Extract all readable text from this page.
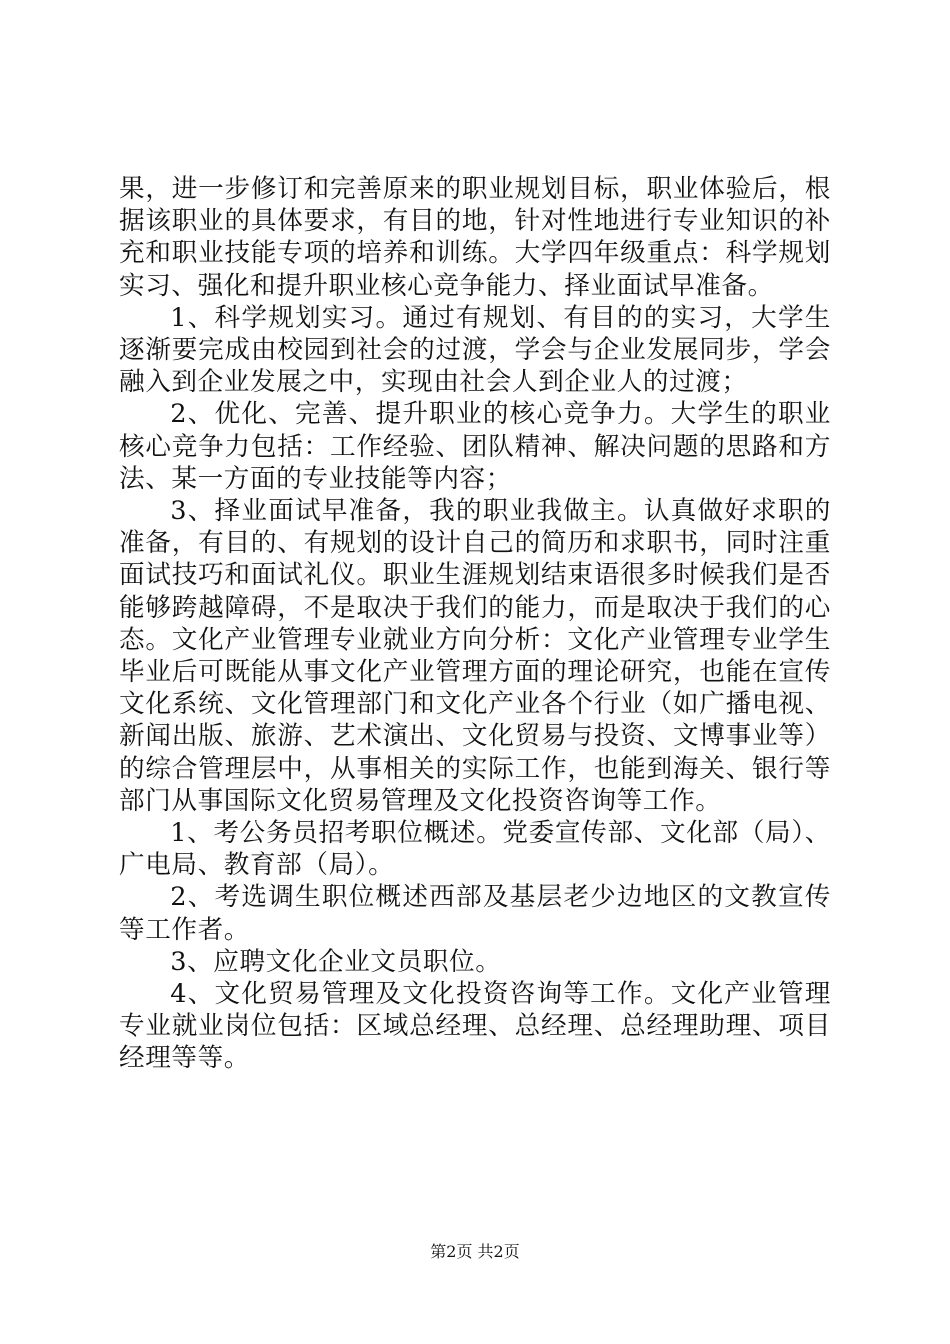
果，进一步修订和完善原来的职业规划目标，职业体验后，根据该职业的具体要求，有目的地，针对性地进行专业知识的补充和职业技能专项的培养和训练。大学四年级重点：科学规划实习、强化和提升职业核心竞争能力、择业面试早准备。

1、科学规划实习。通过有规划、有目的的实习，大学生逐渐要完成由校园到社会的过渡，学会与企业发展同步，学会融入到企业发展之中，实现由社会人到企业人的过渡；

2、优化、完善、提升职业的核心竞争力。大学生的职业核心竞争力包括：工作经验、团队精神、解决问题的思路和方法、某一方面的专业技能等内容；

3、择业面试早准备，我的职业我做主。认真做好求职的准备，有目的、有规划的设计自己的简历和求职书，同时注重面试技巧和面试礼仪。职业生涯规划结束语很多时候我们是否能够跨越障碍，不是取决于我们的能力，而是取决于我们的心态。文化产业管理专业就业方向分析：文化产业管理专业学生毕业后可既能从事文化产业管理方面的理论研究，也能在宣传文化系统、文化管理部门和文化产业各个行业（如广播电视、新闻出版、旅游、艺术演出、文化贸易与投资、文博事业等）的综合管理层中，从事相关的实际工作，也能到海关、银行等部门从事国际文化贸易管理及文化投资咨询等工作。

1、考公务员招考职位概述。党委宣传部、文化部（局）、广电局、教育部（局）。

2、考选调生职位概述西部及基层老少边地区的文教宣传等工作者。

3、应聘文化企业文员职位。

4、文化贸易管理及文化投资咨询等工作。文化产业管理专业就业岗位包括：区域总经理、总经理、总经理助理、项目经理等等。

第2页 共2页
